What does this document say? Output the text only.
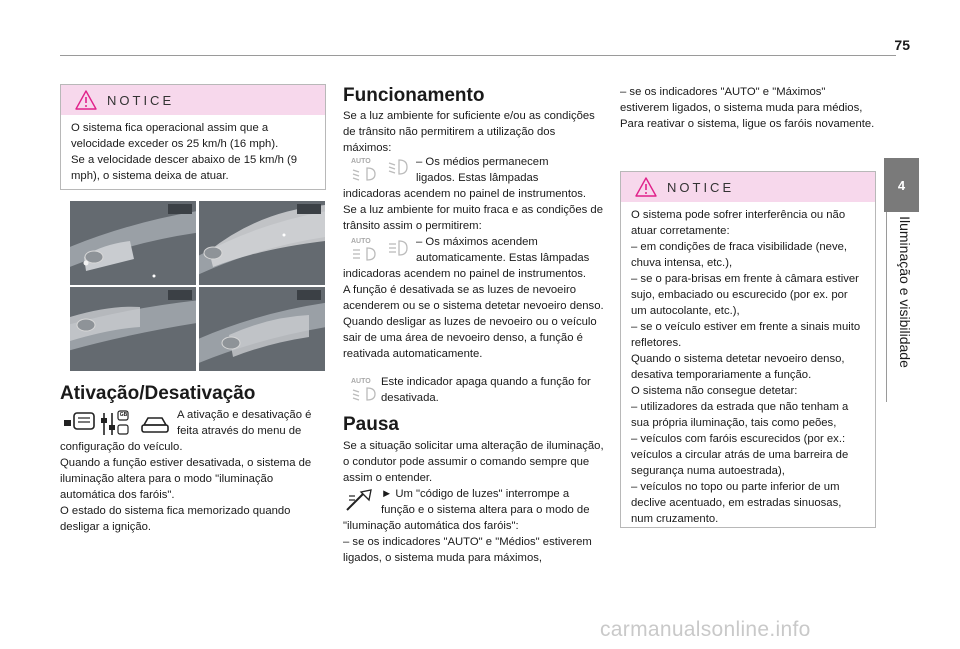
75
4
Iluminação e visibilidade
NOTICE
O sistema fica operacional assim que a velocidade exceder os 25 km/h (16 mph).
Se a velocidade descer abaixo de 15 km/h (9 mph), o sistema deixa de atuar.
Ativação/Desativação
GB	A ativação e desativação é
feita através do menu de
configuração do veículo.
Quando a função estiver desativada, o sistema de iluminação altera para o modo "iluminação automática dos faróis".
O estado do sistema fica memorizado quando desligar a ignição.
Funcionamento
Se a luz ambiente for suficiente e/ou as condições de trânsito não permitirem a utilização dos máximos:
AUTO	– Os médios permanecem
ligados. Estas lâmpadas
indicadoras acendem no painel de instrumentos.
Se a luz ambiente for muito fraca e as condições de trânsito assim o permitirem:
AUTO	– Os máximos acendem
automaticamente. Estas lâmpadas
indicadoras acendem no painel de instrumentos.
A função é desativada se as luzes de nevoeiro acenderem ou se o sistema detetar nevoeiro denso.
Quando desligar as luzes de nevoeiro ou o veículo sair de uma área de nevoeiro denso, a função é reativada automaticamente.
AUTO Este indicador apaga quando a função for
desativada.
Pausa
Se a situação solicitar uma alteração de iluminação, o condutor pode assumir o comando sempre que assim o entender.
► Um "código de luzes" interrompe a
função e o sistema altera para o modo de
"iluminação automática dos faróis":
– se os indicadores "AUTO" e "Médios" estiverem ligados, o sistema muda para máximos,
– se os indicadores "AUTO" e "Máximos" estiverem ligados, o sistema muda para médios,
Para reativar o sistema, ligue os faróis novamente.
NOTICE
O sistema pode sofrer interferência ou não atuar corretamente:
– em condições de fraca visibilidade (neve, chuva intensa, etc.),
– se o para-brisas em frente à câmara estiver sujo, embaciado ou escurecido (por ex. por um autocolante, etc.),
– se o veículo estiver em frente a sinais muito refletores.
Quando o sistema detetar nevoeiro denso, desativa temporariamente a função.
O sistema não consegue detetar:
– utilizadores da estrada que não tenham a sua própria iluminação, tais como peões,
– veículos com faróis escurecidos (por ex.: veículos a circular atrás de uma barreira de segurança numa autoestrada),
– veículos no topo ou parte inferior de um declive acentuado, em estradas sinuosas, num cruzamento.
carmanualsonline.info
